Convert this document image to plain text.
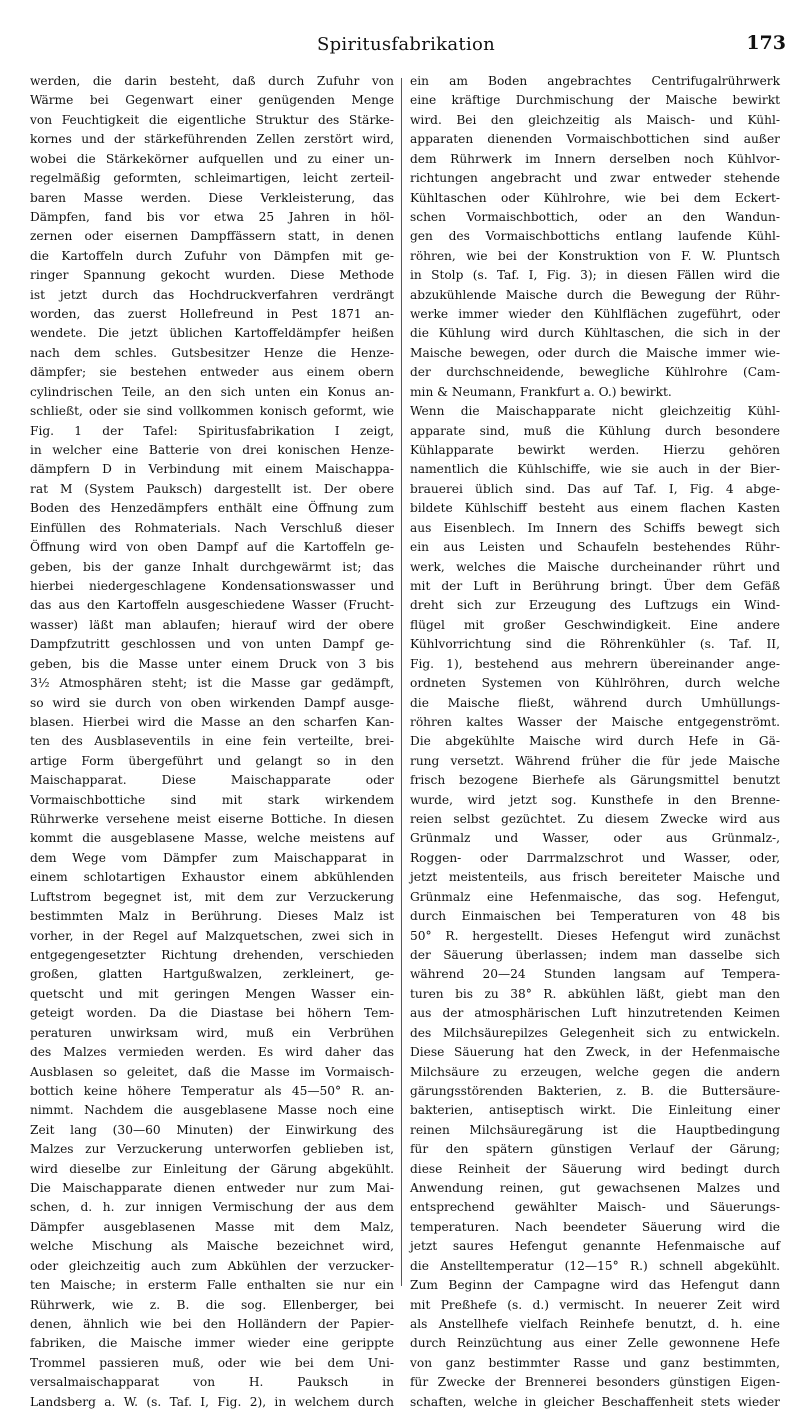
Spiritusfabrikation	173
werden, die darin besteht, daß durch Zufuhr von
Wärme bei Gegenwart einer genügenden Menge
von Feuchtigkeit die eigentliche Struktur des Stärke-
kornes und der stärkeführenden Zellen zerstört wird,
wobei die Stärkekörner aufquellen und zu einer un-
regelmäßig geformten, schleimartigen, leicht zerteil-
baren Masse werden. Diese Verkleisterung, das
Dämpfen, fand bis vor etwa 25 Jahren in höl-
zernen oder eisernen Dampffässern statt, in denen
die Kartoffeln durch Zufuhr von Dämpfen mit ge-
ringer Spannung gekocht wurden. Diese Methode
ist jetzt durch das Hochdruckverfahren verdrängt
worden, das zuerst Hollefreund in Pest 1871 an-
wendete. Die jetzt üblichen Kartoffeldämpfer heißen
nach dem schles. Gutsbesitzer Henze die Henze-
dämpfer; sie bestehen entweder aus einem obern
cylindrischen Teile, an den sich unten ein Konus an-
schließt, oder sie sind vollkommen konisch geformt, wie
Fig. 1 der Tafel: Spiritusfabrikation I zeigt,
in welcher eine Batterie von drei konischen Henze-
dämpfern D in Verbindung mit einem Maischappa-
rat M (System Pauksch) dargestellt ist. Der obere
Boden des Henzedämpfers enthält eine Öffnung zum
Einfüllen des Rohmaterials. Nach Verschluß dieser
Öffnung wird von oben Dampf auf die Kartoffeln ge-
geben, bis der ganze Inhalt durchgewärmt ist; das
hierbei niedergeschlagene Kondensationswasser und
das aus den Kartoffeln ausgeschiedene Wasser (Frucht-
wasser) läßt man ablaufen; hierauf wird der obere
Dampfzutritt geschlossen und von unten Dampf ge-
geben, bis die Masse unter einem Druck von 3 bis
3½ Atmosphären steht; ist die Masse gar gedämpft,
so wird sie durch von oben wirkenden Dampf ausge-
blasen. Hierbei wird die Masse an den scharfen Kan-
ten des Ausblaseventils in eine fein verteilte, brei-
artige Form übergeführt und gelangt so in den
Maischapparat. Diese Maischapparate oder
Vormaischbottiche sind mit stark wirkendem
Rührwerke versehene meist eiserne Bottiche. In diesen
kommt die ausgeblasene Masse, welche meistens auf
dem Wege vom Dämpfer zum Maischapparat in
einem schlotartigen Exhaustor einem abkühlenden
Luftstrom begegnet ist, mit dem zur Verzuckerung
bestimmten Malz in Berührung. Dieses Malz ist
vorher, in der Regel auf Malzquetschen, zwei sich in
entgegengesetzter Richtung drehenden, verschieden
großen, glatten Hartgußwalzen, zerkleinert, ge-
quetscht und mit geringen Mengen Wasser ein-
geteigt worden. Da die Diastase bei höhern Tem-
peraturen unwirksam wird, muß ein Verbrühen
des Malzes vermieden werden. Es wird daher das
Ausblasen so geleitet, daß die Masse im Vormaisch-
bottich keine höhere Temperatur als 45—50° R. an-
nimmt. Nachdem die ausgeblasene Masse noch eine
Zeit lang (30—60 Minuten) der Einwirkung des
Malzes zur Verzuckerung unterworfen geblieben ist,
wird dieselbe zur Einleitung der Gärung abgekühlt.
Die Maischapparate dienen entweder nur zum Mai-
schen, d. h. zur innigen Vermischung der aus dem
Dämpfer ausgeblasenen Masse mit dem Malz,
welche Mischung als Maische bezeichnet wird,
oder gleichzeitig auch zum Abkühlen der verzucker-
ten Maische; in ersterm Falle enthalten sie nur ein
Rührwerk, wie z. B. die sog. Ellenberger, bei
denen, ähnlich wie bei den Holländern der Papier-
fabriken, die Maische immer wieder eine gerippte
Trommel passieren muß, oder wie bei dem Uni-
versalmaischapparat von H. Pauksch in
Landsberg a. W. (s. Taf. I, Fig. 2), in welchem durch
ein am Boden angebrachtes Centrifugalrührwerk
eine kräftige Durchmischung der Maische bewirkt
wird. Bei den gleichzeitig als Maisch- und Kühl-
apparaten dienenden Vormaischbottichen sind außer
dem Rührwerk im Innern derselben noch Kühlvor-
richtungen angebracht und zwar entweder stehende
Kühltaschen oder Kühlrohre, wie bei dem Eckert-
schen Vormaischbottich, oder an den Wandun-
gen des Vormaischbottichs entlang laufende Kühl-
röhren, wie bei der Konstruktion von F. W. Pluntsch
in Stolp (s. Taf. I, Fig. 3); in diesen Fällen wird die
abzukühlende Maische durch die Bewegung der Rühr-
werke immer wieder den Kühlflächen zugeführt, oder
die Kühlung wird durch Kühltaschen, die sich in der
Maische bewegen, oder durch die Maische immer wie-
der durchschneidende, bewegliche Kühlrohre (Cam-
min & Neumann, Frankfurt a. O.) bewirkt.
Wenn die Maischapparate nicht gleichzeitig Kühl-
apparate sind, muß die Kühlung durch besondere
Kühlapparate bewirkt werden. Hierzu gehören
namentlich die Kühlschiffe, wie sie auch in der Bier-
brauerei üblich sind. Das auf Taf. I, Fig. 4 abge-
bildete Kühlschiff besteht aus einem flachen Kasten
aus Eisenblech. Im Innern des Schiffs bewegt sich
ein aus Leisten und Schaufeln bestehendes Rühr-
werk, welches die Maische durcheinander rührt und
mit der Luft in Berührung bringt. Über dem Gefäß
dreht sich zur Erzeugung des Luftzugs ein Wind-
flügel mit großer Geschwindigkeit. Eine andere
Kühlvorrichtung sind die Röhrenkühler (s. Taf. II,
Fig. 1), bestehend aus mehrern übereinander ange-
ordneten Systemen von Kühlröhren, durch welche
die Maische fließt, während durch Umhüllungs-
röhren kaltes Wasser der Maische entgegenströmt.
Die abgekühlte Maische wird durch Hefe in Gä-
rung versetzt. Während früher die für jede Maische
frisch bezogene Bierhefe als Gärungsmittel benutzt
wurde, wird jetzt sog. Kunsthefe in den Brenne-
reien selbst gezüchtet. Zu diesem Zwecke wird aus
Grünmalz und Wasser, oder aus Grünmalz-,
Roggen- oder Darrmalzschrot und Wasser, oder,
jetzt meistenteils, aus frisch bereiteter Maische und
Grünmalz eine Hefenmaische, das sog. Hefengut,
durch Einmaischen bei Temperaturen von 48 bis
50° R. hergestellt. Dieses Hefengut wird zunächst
der Säuerung überlassen; indem man dasselbe sich
während 20—24 Stunden langsam auf Tempera-
turen bis zu 38° R. abkühlen läßt, giebt man den
aus der atmosphärischen Luft hinzutretenden Keimen
des Milchsäurepilzes Gelegenheit sich zu entwickeln.
Diese Säuerung hat den Zweck, in der Hefenmaische
Milchsäure zu erzeugen, welche gegen die andern
gärungsstörenden Bakterien, z. B. die Buttersäure-
bakterien, antiseptisch wirkt. Die Einleitung einer
reinen Milchsäuregärung ist die Hauptbedingung
für den spätern günstigen Verlauf der Gärung;
diese Reinheit der Säuerung wird bedingt durch
Anwendung reinen, gut gewachsenen Malzes und
entsprechend gewählter Maisch- und Säuerungs-
temperaturen. Nach beendeter Säuerung wird die
jetzt saures Hefengut genannte Hefenmaische auf
die Anstelltemperatur (12—15° R.) schnell abgekühlt.
Zum Beginn der Campagne wird das Hefengut dann
mit Preßhefe (s. d.) vermischt. In neuerer Zeit wird
als Anstellhefe vielfach Reinhefe benutzt, d. h. eine
durch Reinzüchtung aus einer Zelle gewonnene Hefe
von ganz bestimmter Rasse und ganz bestimmten,
für Zwecke der Brennerei besonders günstigen Eigen-
schaften, welche in gleicher Beschaffenheit stets wieder
